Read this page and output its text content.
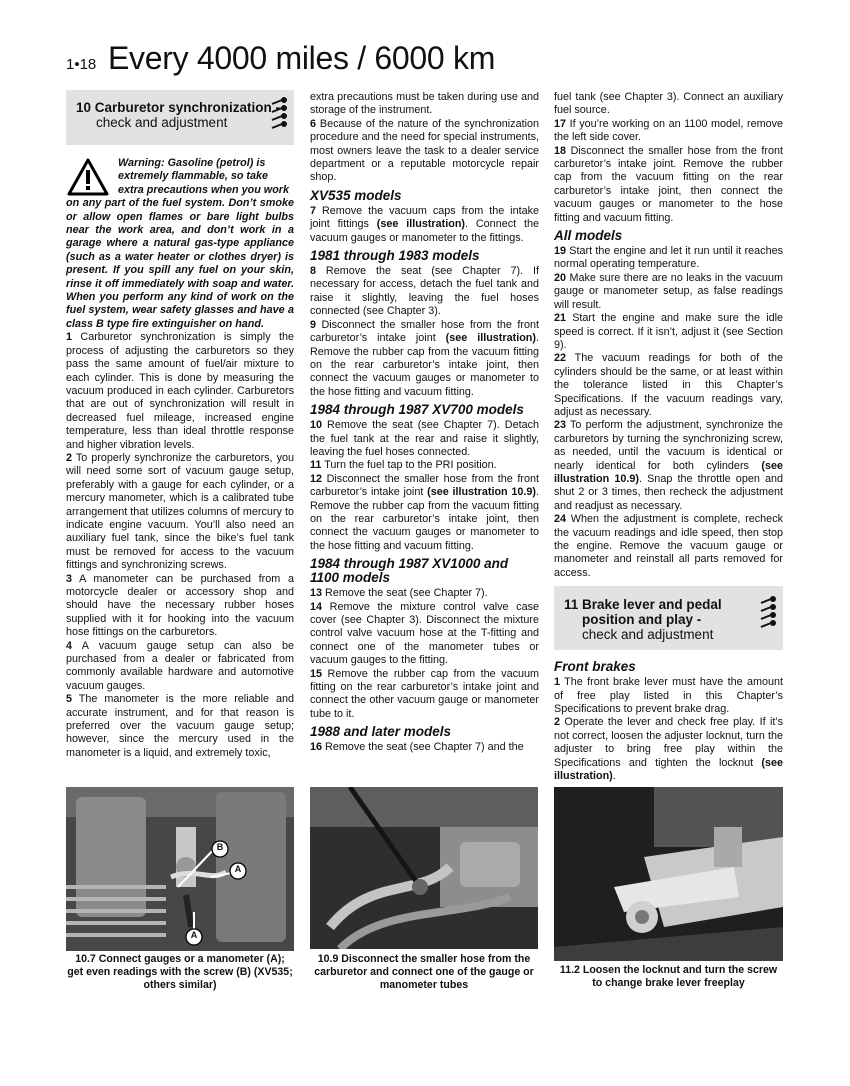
1•18 Every 4000 miles / 6000 km
10 Carburetor synchronization -
check and adjustment
Warning: Gasoline (petrol) is
extremely flammable, so take
extra precautions when you work
on any part of the fuel system. Don’t smoke or allow open flames or bare light bulbs near the work area, and don’t work in a garage where a natural gas-type appliance (such as a water heater or clothes dryer) is present. If you spill any fuel on your skin, rinse it off immediately with soap and water. When you perform any kind of work on the fuel system, wear safety glasses and have a class B type fire extinguisher on hand.

1 Carburetor synchronization is simply the process of adjusting the carburetors so they pass the same amount of fuel/air mixture to each cylinder. This is done by measuring the vacuum produced in each cylinder. Carburetors that are out of synchronization will result in decreased fuel mileage, increased engine temperature, less than ideal throttle response and higher vibration levels.

2 To properly synchronize the carburetors, you will need some sort of vacuum gauge setup, preferably with a gauge for each cylinder, or a mercury manometer, which is a calibrated tube arrangement that utilizes columns of mercury to indicate engine vacuum. You’ll also need an auxiliary fuel tank, since the bike’s fuel tank must be removed for access to the vacuum fittings and synchronizing screws.

3 A manometer can be purchased from a motorcycle dealer or accessory shop and should have the necessary rubber hoses supplied with it for hooking into the vacuum hose fittings on the carburetors.

4 A vacuum gauge setup can also be purchased from a dealer or fabricated from commonly available hardware and automotive vacuum gauges.

5 The manometer is the more reliable and accurate instrument, and for that reason is preferred over the vacuum gauge setup; however, since the mercury used in the manometer is a liquid, and extremely toxic,

extra precautions must be taken during use and storage of the instrument.

6 Because of the nature of the synchronization procedure and the need for special instruments, most owners leave the task to a dealer service department or a reputable motorcycle repair shop.

XV535 models

7 Remove the vacuum caps from the intake joint fittings (see illustration). Connect the vacuum gauges or manometer to the fittings.

1981 through 1983 models

8 Remove the seat (see Chapter 7). If necessary for access, detach the fuel tank and raise it slightly, leaving the fuel hoses connected (see Chapter 3).

9 Disconnect the smaller hose from the front carburetor’s intake joint (see illustration). Remove the rubber cap from the vacuum fitting on the rear carburetor’s intake joint, then connect the vacuum gauges or manometer to the hose fitting and vacuum fitting.

1984 through 1987 XV700 models

10 Remove the seat (see Chapter 7). Detach the fuel tank at the rear and raise it slightly, leaving the fuel hoses connected.

11 Turn the fuel tap to the PRI position.

12 Disconnect the smaller hose from the front carburetor’s intake joint (see illustration 10.9). Remove the rubber cap from the vacuum fitting on the rear carburetor’s intake joint, then connect the vacuum gauges or manometer to the hose fitting and vacuum fitting.

1984 through 1987 XV1000 and 1100 models

13 Remove the seat (see Chapter 7).

14 Remove the mixture control valve case cover (see Chapter 3). Disconnect the mixture control valve vacuum hose at the T-fitting and connect one of the manometer tubes or vacuum gauges to the fitting.

15 Remove the rubber cap from the vacuum fitting on the rear carburetor’s intake joint and connect the other vacuum gauge or manometer tube to it.

1988 and later models

16 Remove the seat (see Chapter 7) and the

fuel tank (see Chapter 3). Connect an auxiliary fuel source.

17 If you’re working on an 1100 model, remove the left side cover.

18 Disconnect the smaller hose from the front carburetor’s intake joint. Remove the rubber cap from the vacuum fitting on the rear carburetor’s intake joint, then connect the vacuum gauges or manometer to the hose fitting and vacuum fitting.

All models

19 Start the engine and let it run until it reaches normal operating temperature.

20 Make sure there are no leaks in the vacuum gauge or manometer setup, as false readings will result.

21 Start the engine and make sure the idle speed is correct. If it isn’t, adjust it (see Section 9).

22 The vacuum readings for both of the cylinders should be the same, or at least within the tolerance listed in this Chapter’s Specifications. If the vacuum readings vary, adjust as necessary.

23 To perform the adjustment, synchronize the carburetors by turning the synchronizing screw, as needed, until the vacuum is identical or nearly identical for both cylinders (see illustration 10.9). Snap the throttle open and shut 2 or 3 times, then recheck the adjustment and readjust as necessary.

24 When the adjustment is complete, recheck the vacuum readings and idle speed, then stop the engine. Remove the vacuum gauge or manometer and reinstall all parts removed for access.

11 Brake lever and pedal
position and play -
check and adjustment
Front brakes

1 The front brake lever must have the amount of free play listed in this Chapter’s Specifications to prevent brake drag.

2 Operate the lever and check free play. If it’s not correct, loosen the adjuster locknut, turn the adjuster to bring free play within the Specifications and tighten the locknut (see illustration).

B
A
A
10.7 Connect gauges or a manometer (A); get even readings with the screw (B) (XV535; others similar)
10.9 Disconnect the smaller hose from the carburetor and connect one of the gauge or manometer tubes
11.2 Loosen the locknut and turn the screw to change brake lever freeplay
